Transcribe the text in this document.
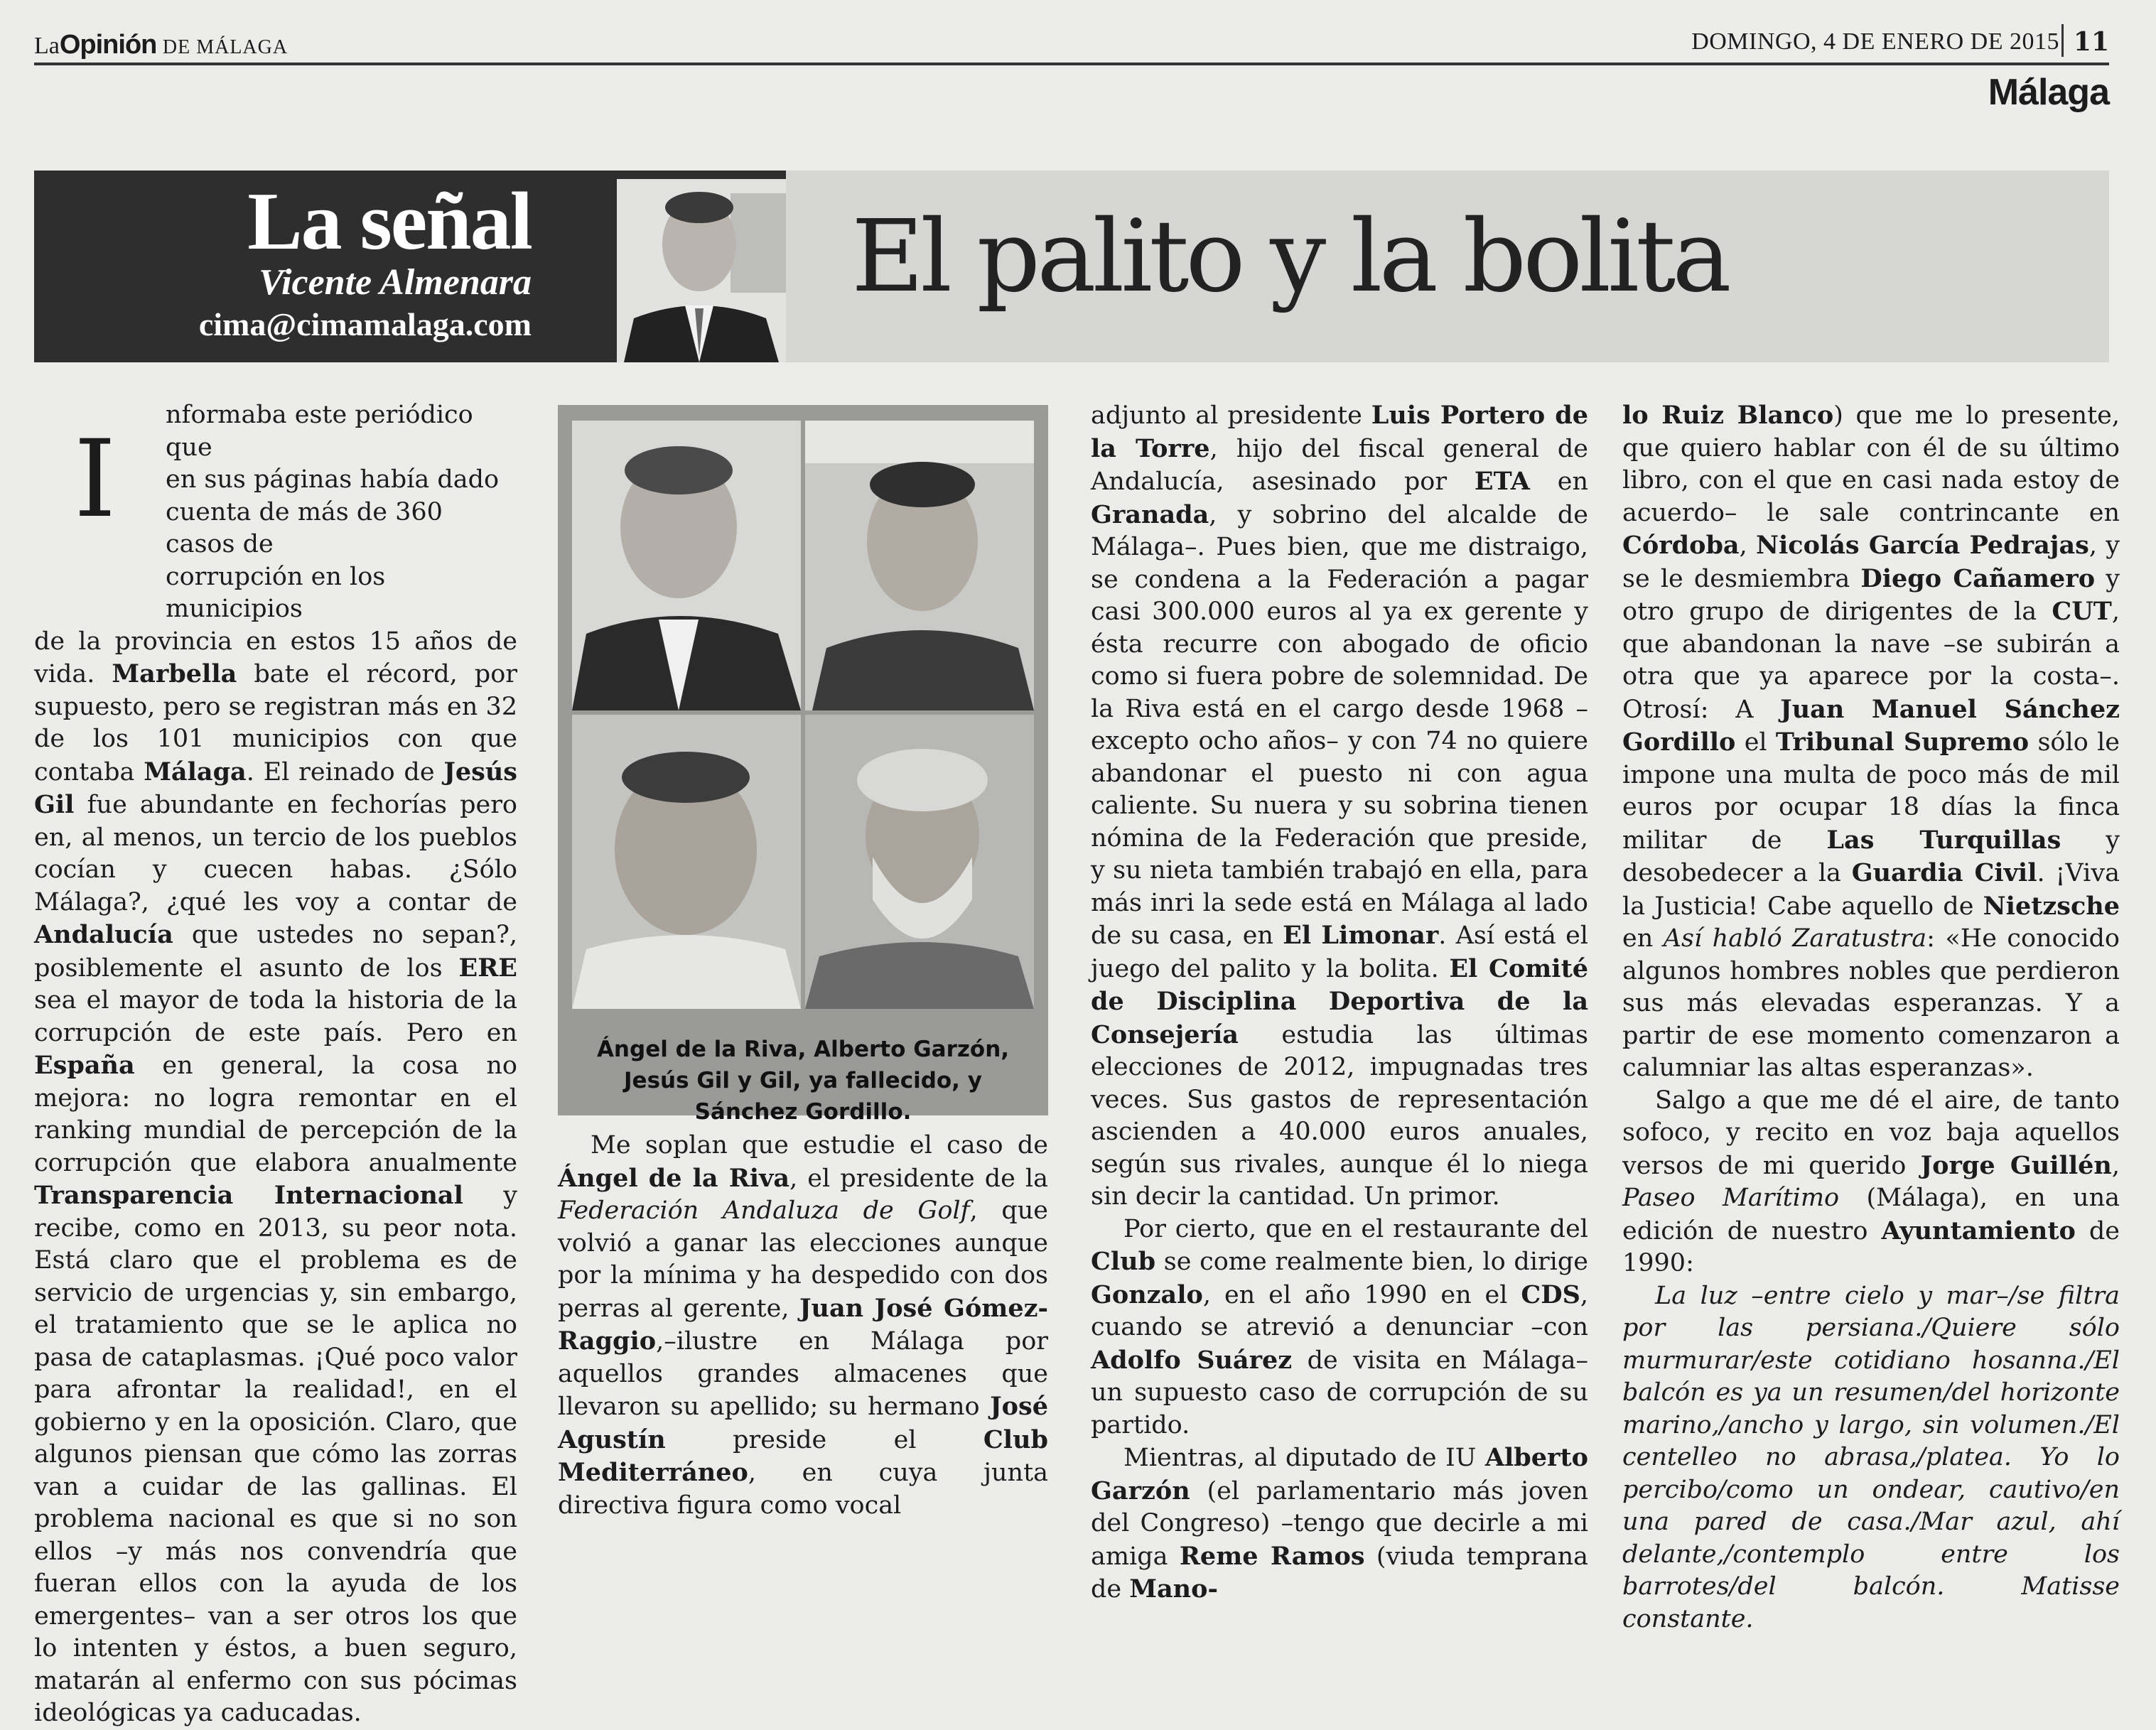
LaOpinión DE MÁLAGA	DOMINGO, 4 DE ENERO DE 2015 11
Málaga
La señal
Vicente Almenara
cima@cimamalaga.com
El palito y la bolita
I

nformaba este periódico que

en sus páginas había dado

cuenta de más de 360 casos de

corrupción en los municipios

de la provincia en estos 15 años de vida. Marbella bate el récord, por supuesto, pero se registran más en 32 de los 101 municipios con que contaba Málaga. El reinado de Jesús Gil fue abundante en fechorías pero en, al menos, un tercio de los pueblos cocían y cuecen habas. ¿Sólo Málaga?, ¿qué les voy a contar de Andalucía que ustedes no sepan?, posiblemente el asunto de los ERE sea el mayor de toda la historia de la corrupción de este país. Pero en España en general, la cosa no mejora: no logra remontar en el ranking mundial de percepción de la corrupción que elabora anualmente Transparencia Internacional y recibe, como en 2013, su peor nota. Está claro que el problema es de servicio de urgencias y, sin embargo, el tratamiento que se le aplica no pasa de cataplasmas. ¡Qué poco valor para afrontar la realidad!, en el gobierno y en la oposición. Claro, que algunos piensan que cómo las zorras van a cuidar de las gallinas. El problema nacional es que si no son ellos –y más nos convendría que fueran ellos con la ayuda de los emergentes– van a ser otros los que lo intenten y éstos, a buen seguro, matarán al enfermo con sus pócimas ideológicas ya caducadas.

Ángel de la Riva, Alberto Garzón, Jesús Gil y Gil, ya fallecido, y Sánchez Gordillo.

Me soplan que estudie el caso de Ángel de la Riva, el presidente de la Federación Andaluza de Golf, que volvió a ganar las elecciones aunque por la mínima y ha despedido con dos perras al gerente, Juan José Gómez-Raggio,–ilustre en Málaga por aquellos grandes almacenes que llevaron su apellido; su hermano José Agustín preside el Club Mediterráneo, en cuya junta directiva figura como vocal

adjunto al presidente Luis Portero de la Torre, hijo del fiscal general de Andalucía, asesinado por ETA en Granada, y sobrino del alcalde de Málaga–. Pues bien, que me distraigo, se condena a la Federación a pagar casi 300.000 euros al ya ex gerente y ésta recurre con abogado de oficio como si fuera pobre de solemnidad. De la Riva está en el cargo desde 1968 –excepto ocho años– y con 74 no quiere abandonar el puesto ni con agua caliente. Su nuera y su sobrina tienen nómina de la Federación que preside, y su nieta también trabajó en ella, para más inri la sede está en Málaga al lado de su casa, en El Limonar. Así está el juego del palito y la bolita. El Comité de Disciplina Deportiva de la Consejería estudia las últimas elecciones de 2012, impugnadas tres veces. Sus gastos de representación ascienden a 40.000 euros anuales, según sus rivales, aunque él lo niega sin decir la cantidad. Un primor.

Por cierto, que en el restaurante del Club se come realmente bien, lo dirige Gonzalo, en el año 1990 en el CDS, cuando se atrevió a denunciar –con Adolfo Suárez de visita en Málaga– un supuesto caso de corrupción de su partido.

Mientras, al diputado de IU Alberto Garzón (el parlamentario más joven del Congreso) –tengo que decirle a mi amiga Reme Ramos (viuda temprana de Mano-

lo Ruiz Blanco) que me lo presente, que quiero hablar con él de su último libro, con el que en casi nada estoy de acuerdo– le sale contrincante en Córdoba, Nicolás García Pedrajas, y se le desmiembra Diego Cañamero y otro grupo de dirigentes de la CUT, que abandonan la nave –se subirán a otra que ya aparece por la costa–. Otrosí: A Juan Manuel Sánchez Gordillo el Tribunal Supremo sólo le impone una multa de poco más de mil euros por ocupar 18 días la finca militar de Las Turquillas y desobedecer a la Guardia Civil. ¡Viva la Justicia! Cabe aquello de Nietzsche en Así habló Zaratustra: «He conocido algunos hombres nobles que perdieron sus más elevadas esperanzas. Y a partir de ese momento comenzaron a calumniar las altas esperanzas».

Salgo a que me dé el aire, de tanto sofoco, y recito en voz baja aquellos versos de mi querido Jorge Guillén, Paseo Marítimo (Málaga), en una edición de nuestro Ayuntamiento de 1990:

La luz –entre cielo y mar–/se filtra por las persiana./Quiere sólo murmurar/este cotidiano hosanna./El balcón es ya un resumen/del horizonte marino,/ancho y largo, sin volumen./El centelleo no abrasa,/platea. Yo lo percibo/como un ondear, cautivo/en una pared de casa./Mar azul, ahí delante,/contemplo entre los barrotes/del balcón. Matisse constante.
